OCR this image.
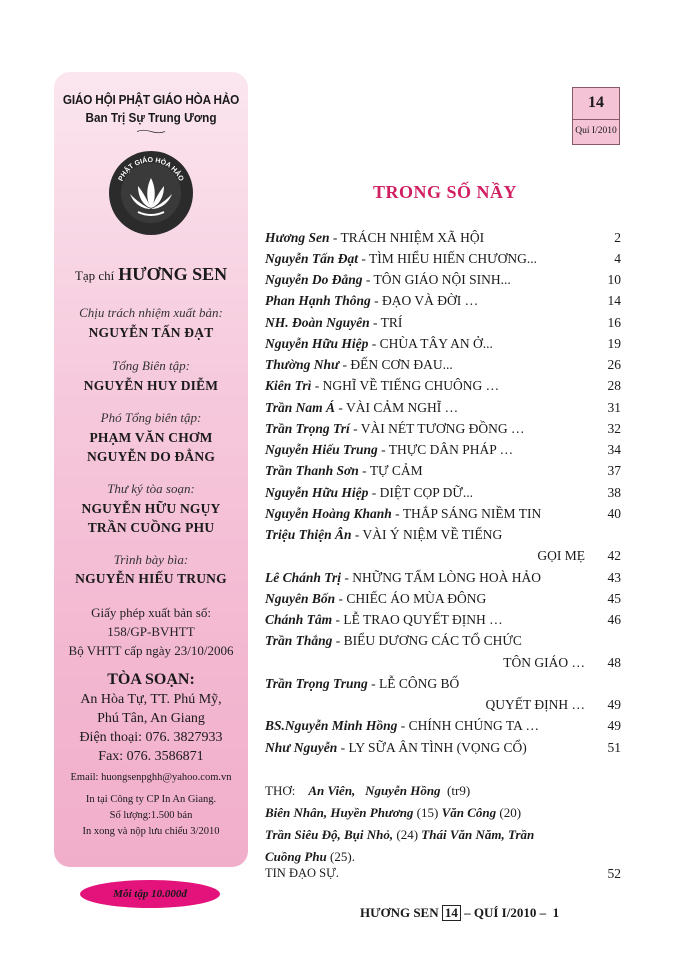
GIÁO HỘI PHẬT GIÁO HÒA HẢO
Ban Trị Sự Trung Ương
PHẬT GIÁO HÒA HẢO
Tạp chí HƯƠNG SEN
Chịu trách nhiệm xuất bản:
NGUYỄN TẤN ĐẠT
Tổng Biên tập:
NGUYỄN HUY DIỄM
Phó Tổng biên tập:
PHẠM VĂN CHƠM
NGUYỄN DO ĐẲNG
Thư ký tòa soạn:
NGUYỄN HỮU NGỤY
TRẦN CUỒNG PHU
Trình bày bìa:
NGUYỄN HIẾU TRUNG
Giấy phép xuất bản số:
158/GP-BVHTT
Bộ VHTT cấp ngày 23/10/2006
TÒA SOẠN:
An Hòa Tự, TT. Phú Mỹ,
Phú Tân, An Giang
Điện thoại: 076. 3827933
Fax: 076. 3586871
Email: huongsenpghh@yahoo.com.vn
In tại Công ty CP In An Giang.
Số lượng:1.500 bản
In xong và nộp lưu chiểu 3/2010
Mỗi tập 10.000đ
14
Quí I/2010
TRONG SỐ NẦY
Hương Sen - TRÁCH NHIỆM XÃ HỘI	2
Nguyễn Tấn Đạt - TÌM HIỂU HIẾN CHƯƠNG...	4
Nguyễn Do Đẳng - TÔN GIÁO NỘI SINH...	10
Phan Hạnh Thông - ĐẠO VÀ ĐỜI …	14
NH. Đoàn Nguyên - TRÍ	16
Nguyễn Hữu Hiệp - CHÙA TÂY AN Ở...	19
Thường Như - ĐẾN CƠN ĐAU...	26
Kiên Trì - NGHĨ VỀ TIẾNG CHUÔNG …	28
Trần Nam Á - VÀI CẢM NGHĨ …	31
Trần Trọng Trí - VÀI NÉT TƯƠNG ĐỒNG …	32
Nguyễn Hiếu Trung - THỰC DÂN PHÁP …	34
Trần Thanh Sơn - TỰ CẢM	37
Nguyễn Hữu Hiệp - DIỆT CỌP DỮ...	38
Nguyễn Hoàng Khanh - THẮP SÁNG NIỀM TIN	40
Triệu Thiện Ân - VÀI Ý NIỆM VỀ TIẾNG
GỌI MẸ 42
Lê Chánh Trị - NHỮNG TẤM LÒNG HOÀ HẢO	43
Nguyên Bốn - CHIẾC ÁO MÙA ĐÔNG	45
Chánh Tâm - LỄ TRAO QUYẾT ĐỊNH …	46
Trần Thắng - BIỂU DƯƠNG CÁC TỔ CHỨC
TÔN GIÁO … 48
Trần Trọng Trung - LỄ CÔNG BỐ
QUYẾT ĐỊNH … 49
BS.Nguyễn Minh Hồng - CHÍNH CHÚNG TA …	49
Như Nguyễn - LY SỮA ÂN TÌNH (VỌNG CỔ)	51
THƠ: An Viên, Nguyễn Hồng (tr9)
Biên Nhân, Huyền Phương (15) Văn Công (20)
Trần Siêu Độ, Bụi Nhỏ, (24) Thái Văn Năm, Trần
Cuồng Phu (25).
TIN ĐẠO SỰ.	52
HƯƠNG SEN 14 – QUÍ I/2010 – 1
